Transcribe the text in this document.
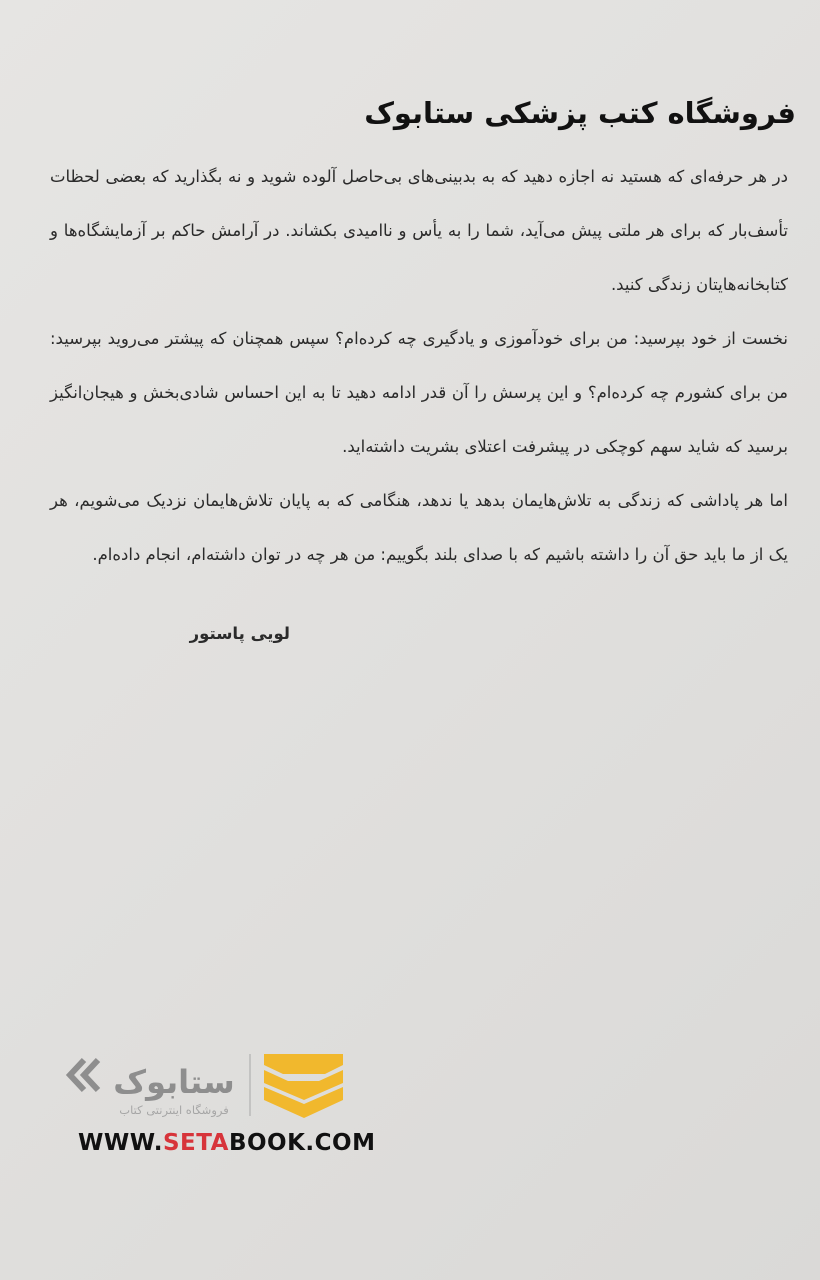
فروشگاه کتب پزشکی ستابوک

در هر حرفه‌ای که هستید نه اجازه دهید که به بدبینی‌های بی‌حاصل آلوده شوید و نه بگذارید که بعضی لحظات تأسف‌بار که برای هر ملتی پیش می‌آید، شما را به یأس و ناامیدی بکشاند. در آرامش حاکم بر آزمایشگاه‌ها و کتابخانه‌هایتان زندگی کنید.

نخست از خود بپرسید: من برای خودآموزی و یادگیری چه کرده‌ام؟ سپس همچنان که پیشتر می‌روید بپرسید: من برای کشورم چه کرده‌ام؟ و این پرسش را آن قدر ادامه دهید تا به این احساس شادی‌بخش و هیجان‌انگیز برسید که شاید سهم کوچکی در پیشرفت اعتلای بشریت داشته‌اید.

اما هر پاداشی که زندگی به تلاش‌هایمان بدهد یا ندهد، هنگامی که به پایان تلاش‌هایمان نزدیک می‌شویم، هر یک از ما باید حق آن را داشته باشیم که با صدای بلند بگوییم: من هر چه در توان داشته‌ام، انجام داده‌ام.

لویی پاستور
ستابوک
فروشگاه اینترنتی کتاب
WWW.SETABOOK.COM
